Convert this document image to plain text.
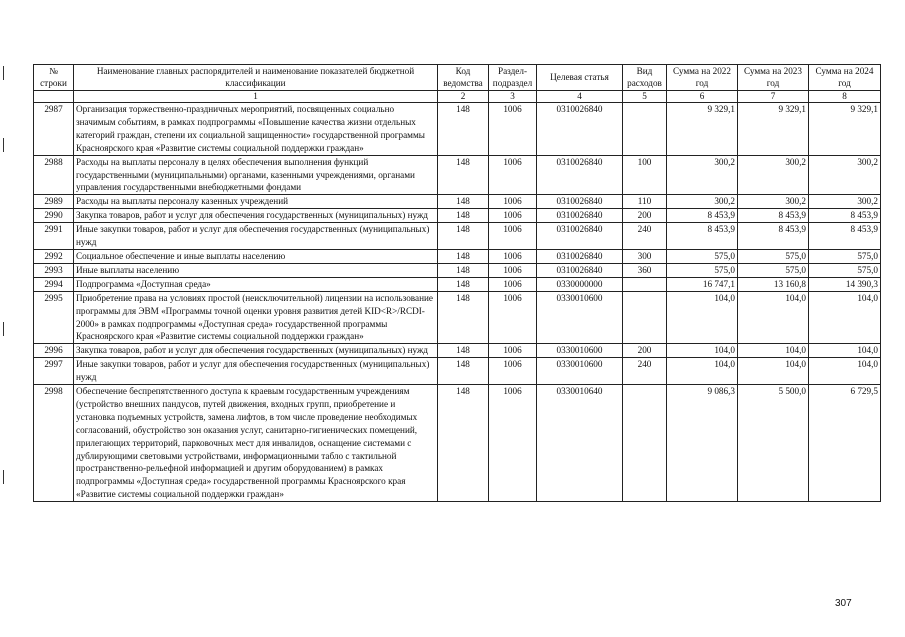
№ строки	Наименование главных распорядителей и наименование показателей бюджетной классификации	Код ведомства	Раздел-подраздел	Целевая статья	Вид расходов	Сумма на 2022 год	Сумма на 2023 год	Сумма на 2024 год
	1	2	3	4	5	6	7	8
2987	Организация торжественно-праздничных мероприятий, посвященных социально значимым событиям, в рамках подпрограммы «Повышение качества жизни отдельных категорий граждан, степени их социальной защищенности» государственной программы Красноярского края «Развитие системы социальной поддержки граждан»	148	1006	0310026840		9 329,1	9 329,1	9 329,1
2988	Расходы на выплаты персоналу в целях обеспечения выполнения функций государственными (муниципальными) органами, казенными учреждениями, органами управления государственными внебюджетными фондами	148	1006	0310026840	100	300,2	300,2	300,2
2989	Расходы на выплаты персоналу казенных учреждений	148	1006	0310026840	110	300,2	300,2	300,2
2990	Закупка товаров, работ и услуг для обеспечения государственных (муниципальных) нужд	148	1006	0310026840	200	8 453,9	8 453,9	8 453,9
2991	Иные закупки товаров, работ и услуг для обеспечения государственных (муниципальных) нужд	148	1006	0310026840	240	8 453,9	8 453,9	8 453,9
2992	Социальное обеспечение и иные выплаты населению	148	1006	0310026840	300	575,0	575,0	575,0
2993	Иные выплаты населению	148	1006	0310026840	360	575,0	575,0	575,0
2994	Подпрограмма «Доступная среда»	148	1006	0330000000		16 747,1	13 160,8	14 390,3
2995	Приобретение права на условиях простой (неисключительной) лицензии на использование программы для ЭВМ «Программы точной оценки уровня развития детей KID<R>/RCDI-2000» в рамках подпрограммы «Доступная среда» государственной программы Красноярского края «Развитие системы социальной поддержки граждан»	148	1006	0330010600		104,0	104,0	104,0
2996	Закупка товаров, работ и услуг для обеспечения государственных (муниципальных) нужд	148	1006	0330010600	200	104,0	104,0	104,0
2997	Иные закупки товаров, работ и услуг для обеспечения государственных (муниципальных) нужд	148	1006	0330010600	240	104,0	104,0	104,0
2998	Обеспечение беспрепятственного доступа к краевым государственным учреждениям (устройство внешних пандусов, путей движения, входных групп, приобретение и установка подъемных устройств, замена лифтов, в том числе проведение необходимых согласований, обустройство зон оказания услуг, санитарно-гигиенических помещений, прилегающих территорий, парковочных мест для инвалидов, оснащение системами с дублирующими световыми устройствами, информационными табло с тактильной пространственно-рельефной информацией и другим оборудованием) в рамках подпрограммы «Доступная среда» государственной программы Красноярского края «Развитие системы социальной поддержки граждан»	148	1006	0330010640		9 086,3	5 500,0	6 729,5
307
